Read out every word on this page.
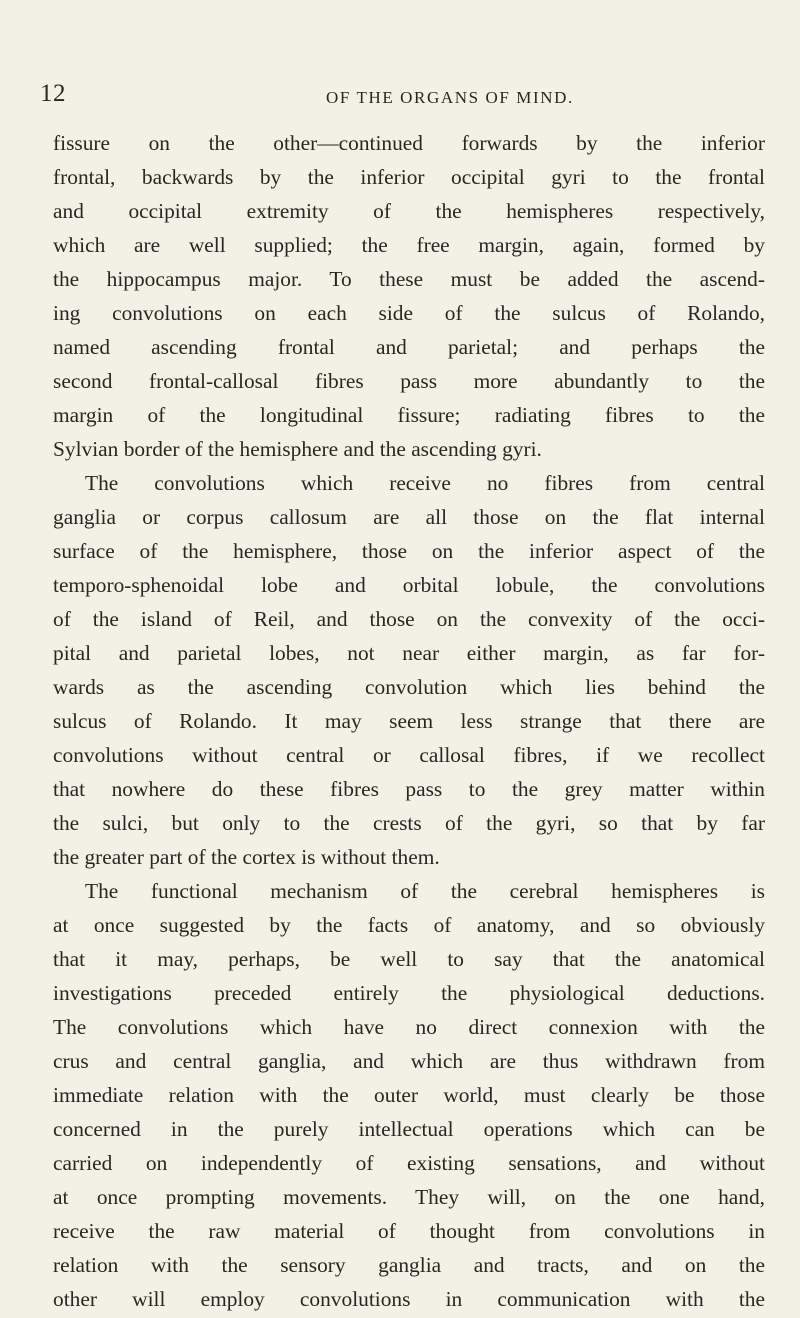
12	OF THE ORGANS OF MIND.
fissure on the other—continued forwards by the inferior
frontal, backwards by the inferior occipital gyri to the frontal
and occipital extremity of the hemispheres respectively,
which are well supplied; the free margin, again, formed by
the hippocampus major. To these must be added the ascend-
ing convolutions on each side of the sulcus of Rolando,
named ascending frontal and parietal; and perhaps the
second frontal-callosal fibres pass more abundantly to the
margin of the longitudinal fissure; radiating fibres to the
Sylvian border of the hemisphere and the ascending gyri.
The convolutions which receive no fibres from central
ganglia or corpus callosum are all those on the flat internal
surface of the hemisphere, those on the inferior aspect of the
temporo-sphenoidal lobe and orbital lobule, the convolutions
of the island of Reil, and those on the convexity of the occi-
pital and parietal lobes, not near either margin, as far for-
wards as the ascending convolution which lies behind the
sulcus of Rolando. It may seem less strange that there are
convolutions without central or callosal fibres, if we recollect
that nowhere do these fibres pass to the grey matter within
the sulci, but only to the crests of the gyri, so that by far
the greater part of the cortex is without them.
The functional mechanism of the cerebral hemispheres is
at once suggested by the facts of anatomy, and so obviously
that it may, perhaps, be well to say that the anatomical
investigations preceded entirely the physiological deductions.
The convolutions which have no direct connexion with the
crus and central ganglia, and which are thus withdrawn from
immediate relation with the outer world, must clearly be those
concerned in the purely intellectual operations which can be
carried on independently of existing sensations, and without
at once prompting movements. They will, on the one hand,
receive the raw material of thought from convolutions in
relation with the sensory ganglia and tracts, and on the
other will employ convolutions in communication with the
